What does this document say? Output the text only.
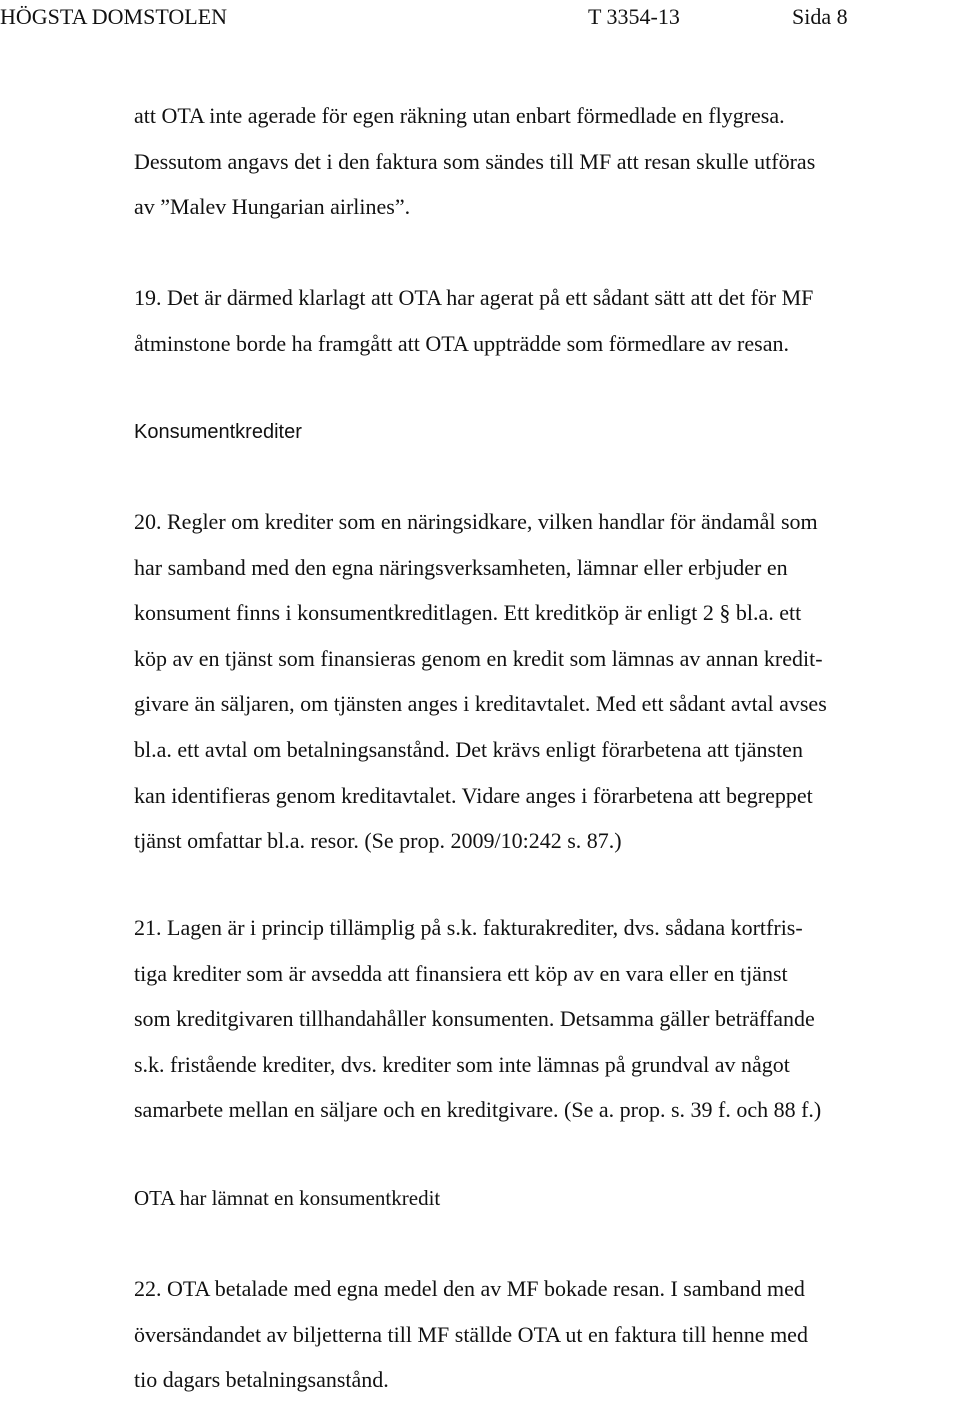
HÖGSTA DOMSTOLEN	T 3354-13	Sida 8
att OTA inte agerade för egen räkning utan enbart förmedlade en flygresa.
Dessutom angavs det i den faktura som sändes till MF att resan skulle utföras
av ”Malev Hungarian airlines”.
19. Det är därmed klarlagt att OTA har agerat på ett sådant sätt att det för MF
åtminstone borde ha framgått att OTA uppträdde som förmedlare av resan.
Konsumentkrediter
20. Regler om krediter som en näringsidkare, vilken handlar för ändamål som
har samband med den egna näringsverksamheten, lämnar eller erbjuder en
konsument finns i konsumentkreditlagen. Ett kreditköp är enligt 2 § bl.a. ett
köp av en tjänst som finansieras genom en kredit som lämnas av annan kredit-
givare än säljaren, om tjänsten anges i kreditavtalet. Med ett sådant avtal avses
bl.a. ett avtal om betalningsanstånd. Det krävs enligt förarbetena att tjänsten
kan identifieras genom kreditavtalet. Vidare anges i förarbetena att begreppet
tjänst omfattar bl.a. resor. (Se prop. 2009/10:242 s. 87.)
21. Lagen är i princip tillämplig på s.k. fakturakrediter, dvs. sådana kortfris-
tiga krediter som är avsedda att finansiera ett köp av en vara eller en tjänst
som kreditgivaren tillhandahåller konsumenten. Detsamma gäller beträffande
s.k. fristående krediter, dvs. krediter som inte lämnas på grundval av något
samarbete mellan en säljare och en kreditgivare. (Se a. prop. s. 39 f. och 88 f.)
OTA har lämnat en konsumentkredit
22. OTA betalade med egna medel den av MF bokade resan. I samband med
översändandet av biljetterna till MF ställde OTA ut en faktura till henne med
tio dagars betalningsanstånd.
